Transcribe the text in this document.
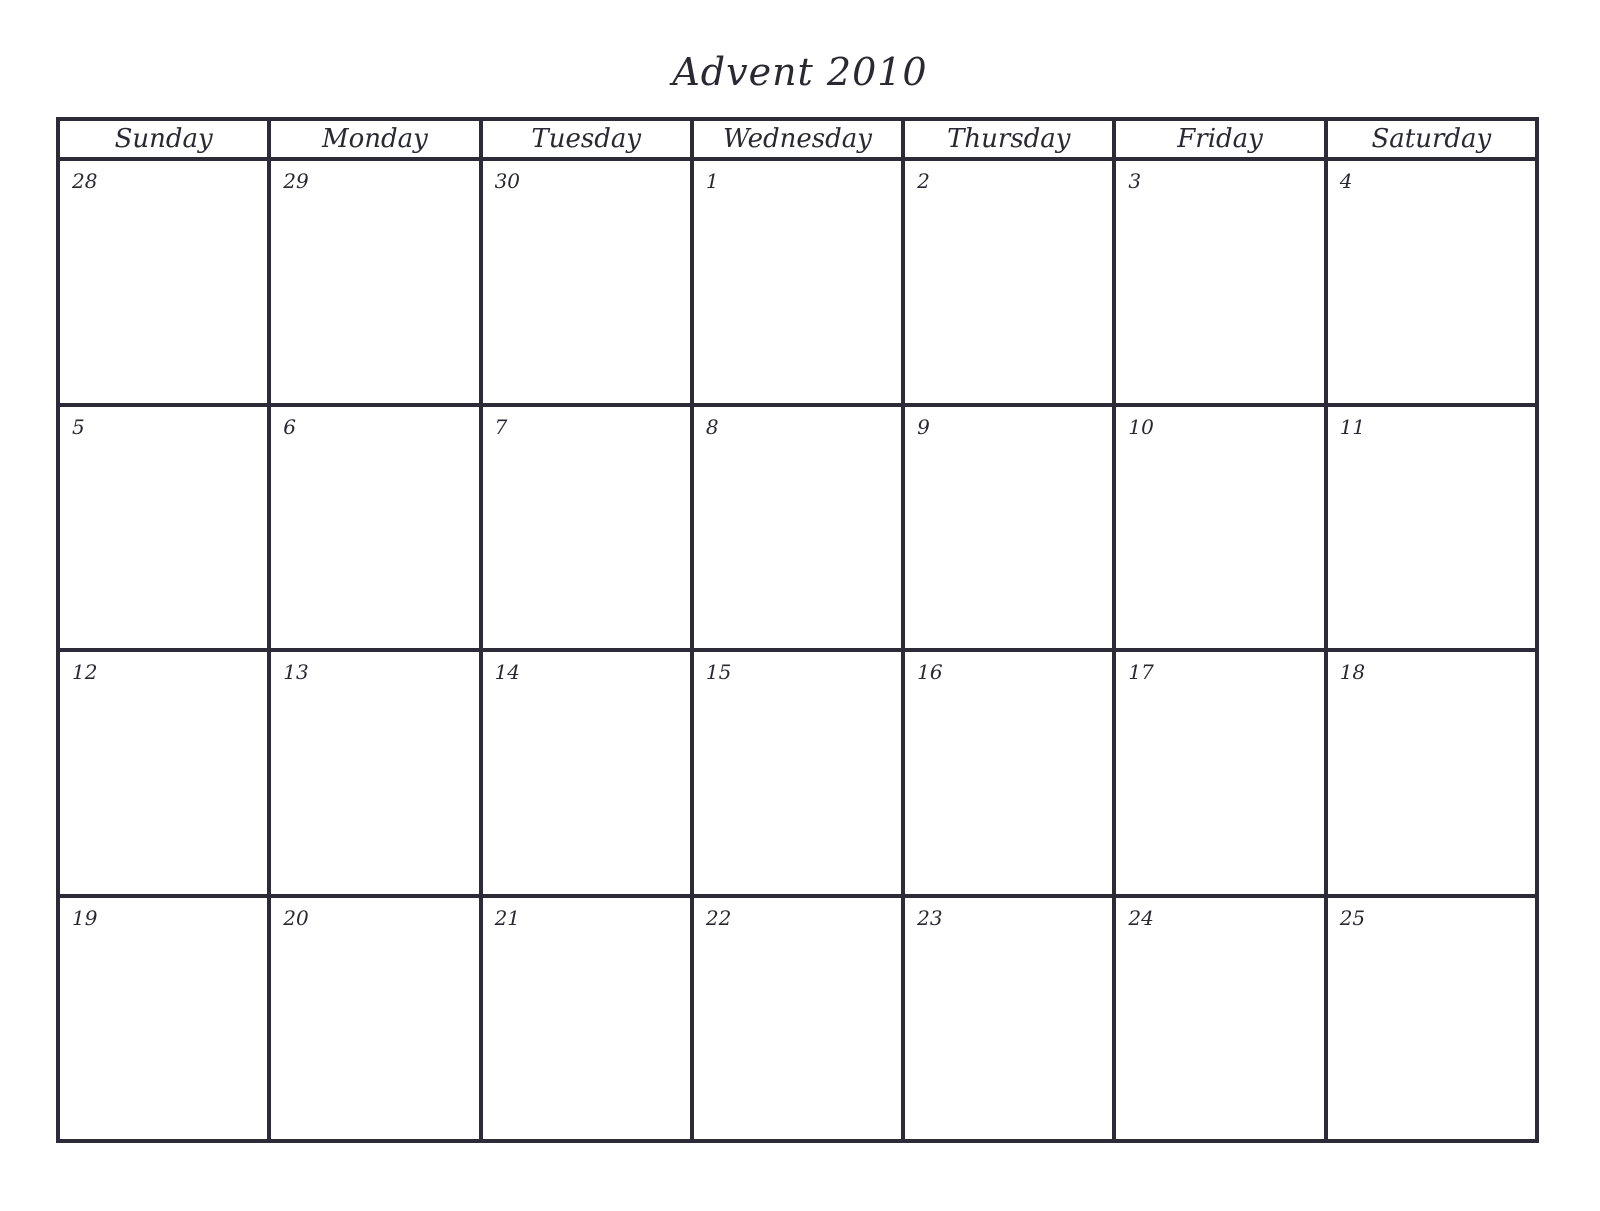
Advent 2010
Sunday	Monday	Tuesday	Wednesday	Thursday	Friday	Saturday
28	29	30	1	2	3	4
5	6	7	8	9	10	11
12	13	14	15	16	17	18
19	20	21	22	23	24	25
